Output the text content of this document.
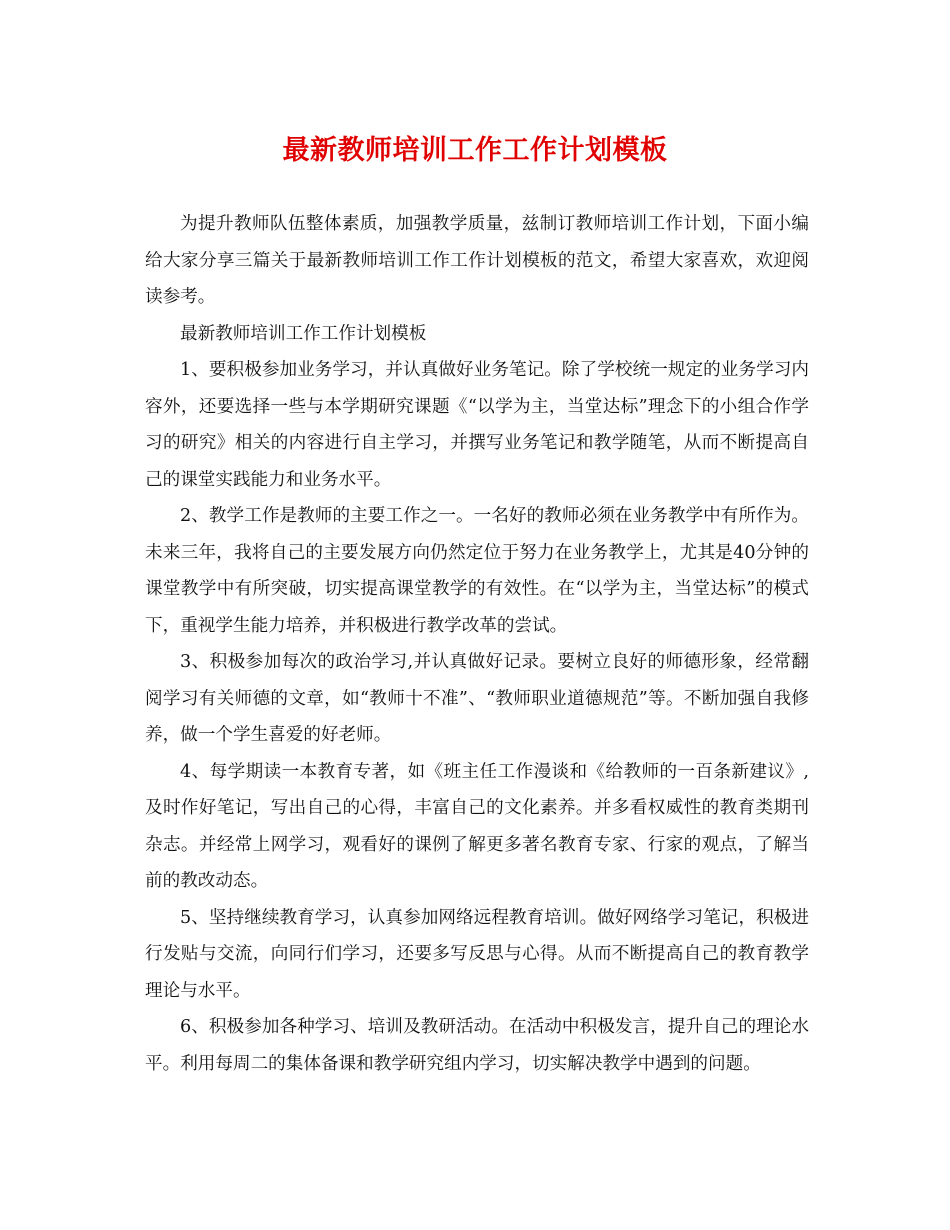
最新教师培训工作工作计划模板

为提升教师队伍整体素质，加强教学质量，兹制订教师培训工作计划，下面小编给大家分享三篇关于最新教师培训工作工作计划模板的范文，希望大家喜欢，欢迎阅读参考。

最新教师培训工作工作计划模板

1、要积极参加业务学习，并认真做好业务笔记。除了学校统一规定的业务学习内容外，还要选择一些与本学期研究课题《“以学为主，当堂达标”理念下的小组合作学习的研究》相关的内容进行自主学习，并撰写业务笔记和教学随笔，从而不断提高自己的课堂实践能力和业务水平。

2、教学工作是教师的主要工作之一。一名好的教师必须在业务教学中有所作为。未来三年，我将自己的主要发展方向仍然定位于努力在业务教学上，尤其是40分钟的课堂教学中有所突破，切实提高课堂教学的有效性。在“以学为主，当堂达标”的模式下，重视学生能力培养，并积极进行教学改革的尝试。

3、积极参加每次的政治学习,并认真做好记录。要树立良好的师德形象，经常翻阅学习有关师德的文章，如“教师十不准”、“教师职业道德规范”等。不断加强自我修养，做一个学生喜爱的好老师。

4、每学期读一本教育专著，如《班主任工作漫谈和《给教师的一百条新建议》,及时作好笔记，写出自己的心得，丰富自己的文化素养。并多看权威性的教育类期刊杂志。并经常上网学习，观看好的课例了解更多著名教育专家、行家的观点，了解当前的教改动态。

5、坚持继续教育学习，认真参加网络远程教育培训。做好网络学习笔记，积极进行发贴与交流，向同行们学习，还要多写反思与心得。从而不断提高自己的教育教学理论与水平。

6、积极参加各种学习、培训及教研活动。在活动中积极发言，提升自己的理论水平。利用每周二的集体备课和教学研究组内学习，切实解决教学中遇到的问题。
